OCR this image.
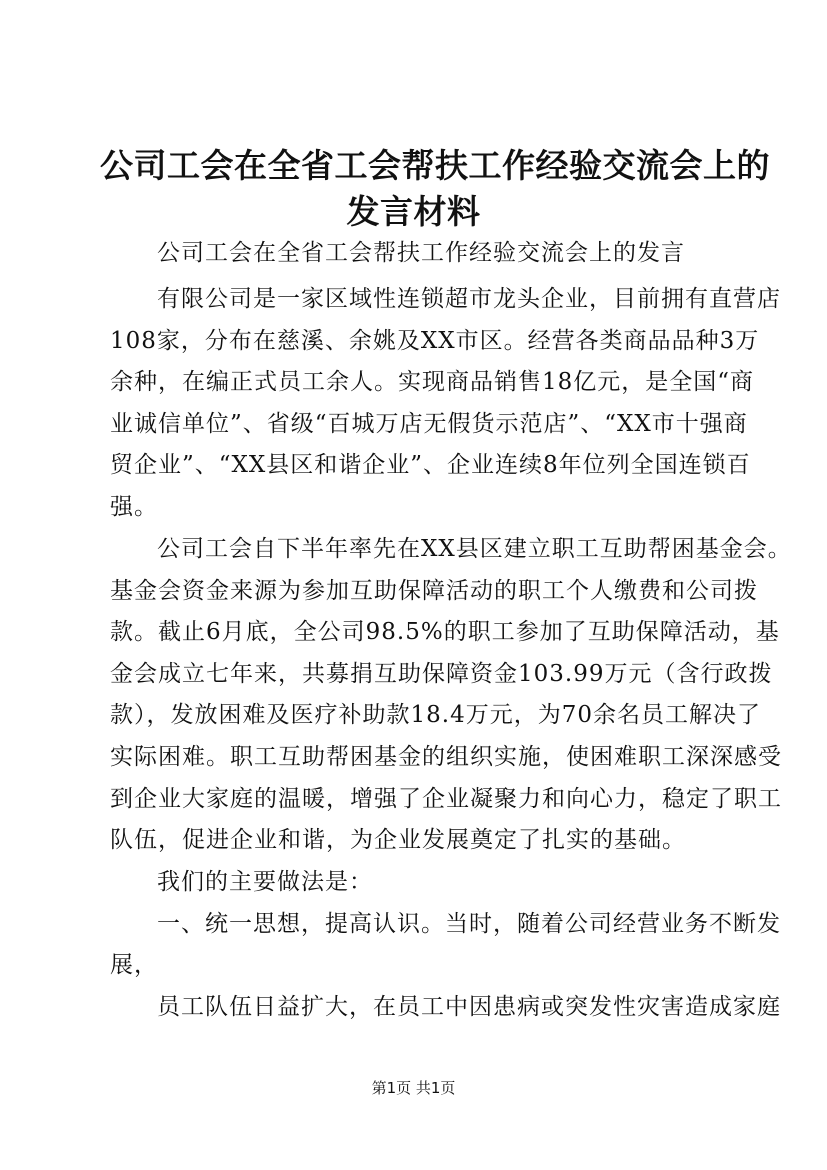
公司工会在全省工会帮扶工作经验交流会上的
发言材料
公司工会在全省工会帮扶工作经验交流会上的发言
有限公司是一家区域性连锁超市龙头企业，目前拥有直营店
108家，分布在慈溪、余姚及XX市区。经营各类商品品种3万
余种，在编正式员工余人。实现商品销售18亿元，是全国“商
业诚信单位”、省级“百城万店无假货示范店”、“XX市十强商
贸企业”、“XX县区和谐企业”、企业连续8年位列全国连锁百
强。
公司工会自下半年率先在XX县区建立职工互助帮困基金会。
基金会资金来源为参加互助保障活动的职工个人缴费和公司拨
款。截止6月底，全公司98.5%的职工参加了互助保障活动，基
金会成立七年来，共募捐互助保障资金103.99万元（含行政拨
款），发放困难及医疗补助款18.4万元，为70余名员工解决了
实际困难。职工互助帮困基金的组织实施，使困难职工深深感受
到企业大家庭的温暖，增强了企业凝聚力和向心力，稳定了职工
队伍，促进企业和谐，为企业发展奠定了扎实的基础。
我们的主要做法是：
一、统一思想，提高认识。当时，随着公司经营业务不断发
展，
员工队伍日益扩大，在员工中因患病或突发性灾害造成家庭
第1页 共1页
